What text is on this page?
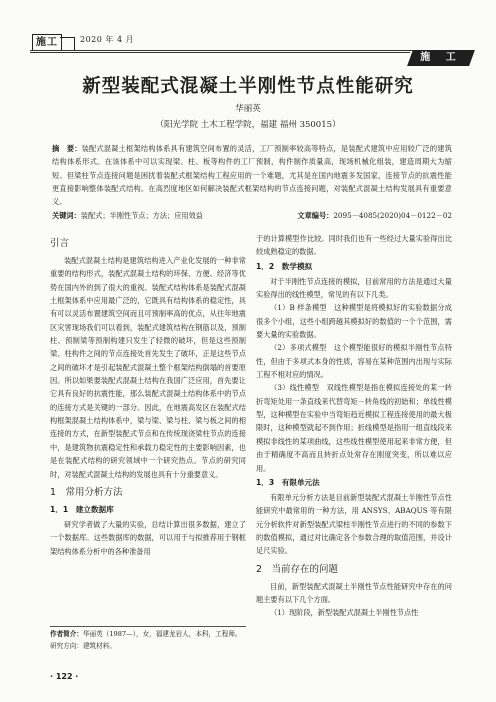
施工	2020 年 4 月
施 工
新型装配式混凝土半刚性节点性能研究
华丽英
（阳光学院 土木工程学院，福建 福州 350015）
摘　要：装配式混凝土框架结构体系具有建筑空间布置的灵活，工厂预制率较高等特点，是装配式建筑中应用较广泛的建筑结构体系形式。在该体系中可以实现梁、柱、板等构件的工厂预制，构件制作质量高，现场机械化组装，建造周期大为缩短。但梁柱节点连接问题是困扰着装配式框架结构工程应用的一个难题，尤其是在国内地震多发国家，连接节点的抗震性能更直接影响整体装配式结构。在高烈度地区如何解决装配式框架结构的节点连接问题，对装配式混凝土结构发展具有重要意义。
关键词：装配式；半刚性节点；方法；应用效益	文章编号：2095－4085(2020)04－0122－02
引言

装配式混凝土结构是建筑结构进入产业化发展的一种非常重要的结构形式，装配式混凝土结构的环保、方便、经济等优势在国内外的到了很大的重视。装配式结构体系是装配式混凝土框架体系中应用最广泛的，它既具有结构体系的稳定性，具有可以灵活布置建筑空间而且可预制率高的优点，从往年地震区灾害现场我们可以看到，装配式建筑结构在钢筋以及，预制柱、预制梁等预制构建只发生了轻微的破坏，但是这些预制梁、柱构件之间的节点连接处首先发生了破坏，正是这些节点之间的破坏才是引起装配式混凝土整个框架结构倒塌的首要原因。所以如果要装配式混凝土结构在我国广泛应用，首先要让它具有良好的抗震性能，那么装配式混凝土结构体系中的节点的连接方式是关键的一部分。因此，在地震高发区在装配式结构框架混凝土结构体系中，梁与梁、梁与柱、梁与板之间的相连接的方式，在新型装配式节点和在传统现浇梁柱节点的连接中，是建筑物抗震稳定性和承载力稳定性的主要影响因素，也是在装配式结构的研究领域中一个研究热点。节点的研究同时，对装配式混凝土结构的发展也具有十分重要意义。

1　常用分析方法
1．1　建立数据库

研究学者做了大量的实验，总结计算出很多数据，建立了一个数据库。这些数据库的数据，可以用于与拟推荐用于钢框架结构体系分析中的各种准备用

于的计算模型作比较。同时我们也有一些经过大量实验得出比较成熟稳定的数据。

1．2　数学模拟

对于半刚性节点连接的模拟，目前常用的方法是通过大量实验得出的线性模型，常见的有以下几类。

（1）B 样条模型　这种模型是将模拟好的实验数据分成很多个小组，这些小组跨越其模拟好的数值的一个个范围，需要大量的实验数据。

（2）多项式模型　这个模型能很好的模拟半刚性节点特性，但由于多项式本身的性质，容易在某种范围内出现与实际工程不相对应的情况。

（3）线性模型　双线性模型是指在模拟连接处的某一转折弯矩处用一条直线来代替弯矩－转角线的初始和；单线性模型，这种模型在实验中当弯矩趋近模拟工程连接使用的最大极限时，这种模型就起不到作用；折线模型是指用一组直线段来模拟非线性的某项曲线，这些线性模型使用起来非常方便，但由于精确度不高而且转折点处常存在刚度突变，所以难以应用。

1．3　有限单元法

有限单元分析方法是目前新型装配式混凝土半刚性节点性能研究中最常用的一种方法，用 ANSYS、ABAQUS 等有限元分析软件对新型装配式梁柱半刚性节点进行的不同的参数下的数值模拟，通过对比确定各个参数合理的取值范围，并设计足尺实验。

2　当前存在的问题

目前，新型装配式混凝土半刚性节点性能研究中存在的问题主要有以下几个方面。

（1）现阶段，新型装配式混凝土半刚性节点性

作者简介：华丽英（1987—），女，福建龙岩人，本科，工程师。研究方向：建筑材料。
· 122 ·
